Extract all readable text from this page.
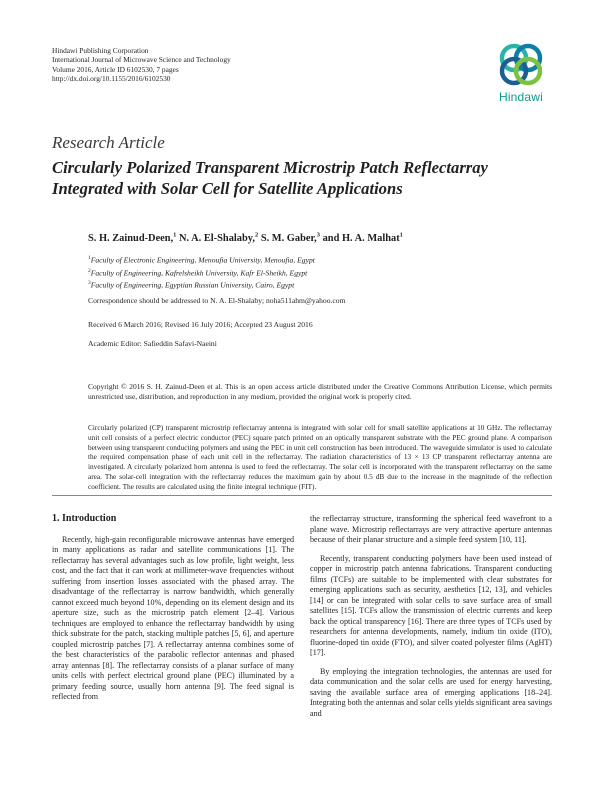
Hindawi Publishing Corporation
International Journal of Microwave Science and Technology
Volume 2016, Article ID 6102530, 7 pages
http://dx.doi.org/10.1155/2016/6102530
Hindawi
Research Article
Circularly Polarized Transparent Microstrip Patch Reflectarray
Integrated with Solar Cell for Satellite Applications
S. H. Zainud-Deen,$^1$ N. A. El-Shalaby,$^2$ S. M. Gaber,$^3$ and H. A. Malhat$^1$
$^1$Faculty of Electronic Engineering, Menoufia University, Menoufia, Egypt
$^2$Faculty of Engineering, Kafrelsheikh University, Kafr El-Sheikh, Egypt
$^3$Faculty of Engineering, Egyptian Russian University, Cairo, Egypt
Correspondence should be addressed to N. A. El-Shalaby; noha511ahm@yahoo.com
Received 6 March 2016; Revised 16 July 2016; Accepted 23 August 2016
Academic Editor: Safieddin Safavi-Naeini
Copyright © 2016 S. H. Zainud-Deen et al. This is an open access article distributed under the Creative Commons Attribution License, which permits unrestricted use, distribution, and reproduction in any medium, provided the original work is properly cited.
Circularly polarized (CP) transparent microstrip reflectarray antenna is integrated with solar cell for small satellite applications at 10 GHz. The reflectarray unit cell consists of a perfect electric conductor (PEC) square patch printed on an optically transparent substrate with the PEC ground plane. A comparison between using transparent conducting polymers and using the PEC in unit cell construction has been introduced. The waveguide simulator is used to calculate the required compensation phase of each unit cell in the reflectarray. The radiation characteristics of 13 × 13 CP transparent reflectarray antenna are investigated. A circularly polarized horn antenna is used to feed the reflectarray. The solar cell is incorporated with the transparent reflectarray on the same area. The solar-cell integration with the reflectarray reduces the maximum gain by about 0.5 dB due to the increase in the magnitude of the reflection coefficient. The results are calculated using the finite integral technique (FIT).
1. Introduction

Recently, high-gain reconfigurable microwave antennas have emerged in many applications as radar and satellite communications [1]. The reflectarray has several advantages such as low profile, light weight, less cost, and the fact that it can work at millimeter-wave frequencies without suffering from insertion losses associated with the phased array. The disadvantage of the reflectarray is narrow bandwidth, which generally cannot exceed much beyond 10%, depending on its element design and its aperture size, such as the microstrip patch element [2–4]. Various techniques are employed to enhance the reflectarray bandwidth by using thick substrate for the patch, stacking multiple patches [5, 6], and aperture coupled microstrip patches [7]. A reflectarray antenna combines some of the best characteristics of the parabolic reflector antennas and phased array antennas [8]. The reflectarray consists of a planar surface of many units cells with perfect electrical ground plane (PEC) illuminated by a primary feeding source, usually horn antenna [9]. The feed signal is reflected from

the reflectarray structure, transforming the spherical feed wavefront to a plane wave. Microstrip reflectarrays are very attractive aperture antennas because of their planar structure and a simple feed system [10, 11].

Recently, transparent conducting polymers have been used instead of copper in microstrip patch antenna fabrications. Transparent conducting films (TCFs) are suitable to be implemented with clear substrates for emerging applications such as security, aesthetics [12, 13], and vehicles [14] or can be integrated with solar cells to save surface area of small satellites [15]. TCFs allow the transmission of electric currents and keep back the optical transparency [16]. There are three types of TCFs used by researchers for antenna developments, namely, indium tin oxide (ITO), fluorine-doped tin oxide (FTO), and silver coated polyester films (AgHT) [17].

By employing the integration technologies, the antennas are used for data communication and the solar cells are used for energy harvesting, saving the available surface area of emerging applications [18–24]. Integrating both the antennas and solar cells yields significant area savings and
